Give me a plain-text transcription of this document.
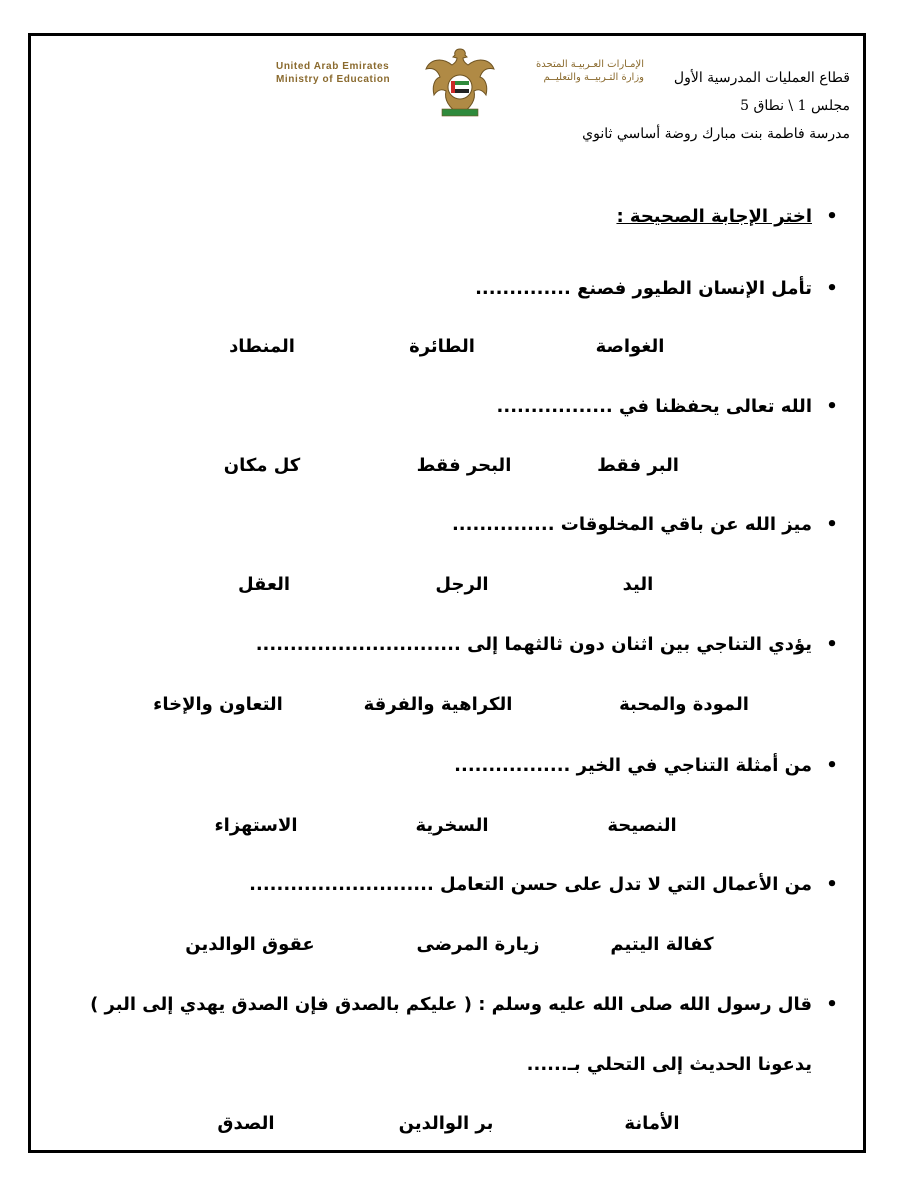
United Arab Emirates
Ministry of Education
الإمـارات العـربيـة المتحدة
وزارة التـربيــة والتعليــم	قطاع العمليات المدرسية الأول
مجلس 1 \ نطاق 5
مدرسة فاطمة بنت مبارك روضة أساسي ثانوي
•اختر الإجابة الصحيحة :
•تأمل الإنسان الطيور فصنع ..............
الغواصة
الطائرة
المنطاد
•الله تعالى يحفظنا في .................
البر فقط
البحر فقط
كل مكان
•ميز الله عن باقي المخلوقات ...............
اليد
الرجل
العقل
•يؤدي التناجي بين اثنان دون ثالثهما إلى ..............................
المودة والمحبة
الكراهية والفرقة
التعاون والإخاء
•من أمثلة التناجي في الخير .................
النصيحة
السخرية
الاستهزاء
•من الأعمال التي لا تدل على حسن التعامل ...........................
كفالة اليتيم
زيارة المرضى
عقوق الوالدين
•قال رسول الله صلى الله عليه وسلم : ( عليكم بالصدق فإن الصدق يهدي إلى البر )
يدعونا الحديث إلى التحلي بـ......
الأمانة
بر الوالدين
الصدق
